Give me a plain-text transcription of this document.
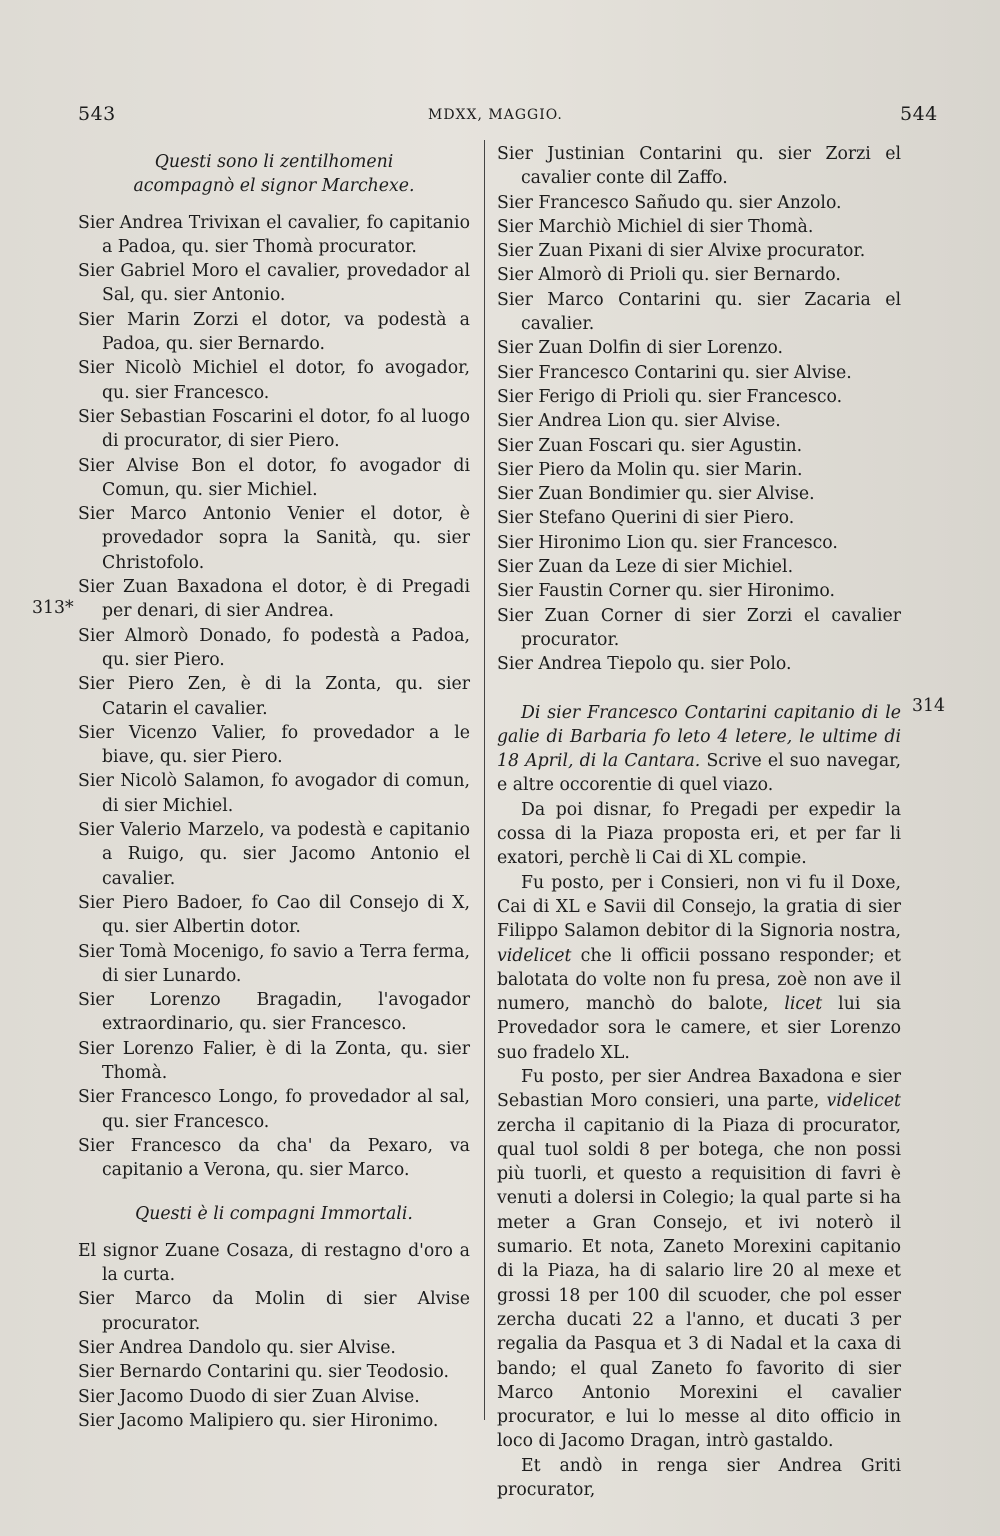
543	MDXX, MAGGIO.	544
313*
314
Questi sono li zentilhomeni acompagnò el signor Marchexe.
Sier Andrea Trivixan el cavalier, fo capitanio a Padoa, qu. sier Thomà procurator.
Sier Gabriel Moro el cavalier, provedador al Sal, qu. sier Antonio.
Sier Marin Zorzi el dotor, va podestà a Padoa, qu. sier Bernardo.
Sier Nicolò Michiel el dotor, fo avogador, qu. sier Francesco.
Sier Sebastian Foscarini el dotor, fo al luogo di procurator, di sier Piero.
Sier Alvise Bon el dotor, fo avogador di Comun, qu. sier Michiel.
Sier Marco Antonio Venier el dotor, è provedador sopra la Sanità, qu. sier Christofolo.
Sier Zuan Baxadona el dotor, è di Pregadi per denari, di sier Andrea.
Sier Almorò Donado, fo podestà a Padoa, qu. sier Piero.
Sier Piero Zen, è di la Zonta, qu. sier Catarin el cavalier.
Sier Vicenzo Valier, fo provedador a le biave, qu. sier Piero.
Sier Nicolò Salamon, fo avogador di comun, di sier Michiel.
Sier Valerio Marzelo, va podestà e capitanio a Ruigo, qu. sier Jacomo Antonio el cavalier.
Sier Piero Badoer, fo Cao dil Consejo di X, qu. sier Albertin dotor.
Sier Tomà Mocenigo, fo savio a Terra ferma, di sier Lunardo.
Sier Lorenzo Bragadin, l'avogador extraordinario, qu. sier Francesco.
Sier Lorenzo Falier, è di la Zonta, qu. sier Thomà.
Sier Francesco Longo, fo provedador al sal, qu. sier Francesco.
Sier Francesco da cha' da Pexaro, va capitanio a Verona, qu. sier Marco.
Questi è li compagni Immortali.
El signor Zuane Cosaza, di restagno d'oro a la curta.
Sier Marco da Molin di sier Alvise procurator.
Sier Andrea Dandolo qu. sier Alvise.
Sier Bernardo Contarini qu. sier Teodosio.
Sier Jacomo Duodo di sier Zuan Alvise.
Sier Jacomo Malipiero qu. sier Hironimo.
Sier Justinian Contarini qu. sier Zorzi el cavalier conte dil Zaffo.
Sier Francesco Sañudo qu. sier Anzolo.
Sier Marchiò Michiel di sier Thomà.
Sier Zuan Pixani di sier Alvixe procurator.
Sier Almorò di Prioli qu. sier Bernardo.
Sier Marco Contarini qu. sier Zacaria el cavalier.
Sier Zuan Dolfin di sier Lorenzo.
Sier Francesco Contarini qu. sier Alvise.
Sier Ferigo di Prioli qu. sier Francesco.
Sier Andrea Lion qu. sier Alvise.
Sier Zuan Foscari qu. sier Agustin.
Sier Piero da Molin qu. sier Marin.
Sier Zuan Bondimier qu. sier Alvise.
Sier Stefano Querini di sier Piero.
Sier Hironimo Lion qu. sier Francesco.
Sier Zuan da Leze di sier Michiel.
Sier Faustin Corner qu. sier Hironimo.
Sier Zuan Corner di sier Zorzi el cavalier procurator.
Sier Andrea Tiepolo qu. sier Polo.

Di sier Francesco Contarini capitanio di le galie di Barbaria fo leto 4 letere, le ultime di 18 April, di la Cantara. Scrive el suo navegar, e altre occorentie di quel viazo.

Da poi disnar, fo Pregadi per expedir la cossa di la Piaza proposta eri, et per far li exatori, perchè li Cai di XL compie.

Fu posto, per i Consieri, non vi fu il Doxe, Cai di XL e Savii dil Consejo, la gratia di sier Filippo Salamon debitor di la Signoria nostra, videlicet che li officii possano responder; et balotata do volte non fu presa, zoè non ave il numero, manchò do balote, licet lui sia Provedador sora le camere, et sier Lorenzo suo fradelo XL.

Fu posto, per sier Andrea Baxadona e sier Sebastian Moro consieri, una parte, videlicet zercha il capitanio di la Piaza di procurator, qual tuol soldi 8 per botega, che non possi più tuorli, et questo a requisition di favri è venuti a dolersi in Colegio; la qual parte si ha meter a Gran Consejo, et ivi noterò il sumario. Et nota, Zaneto Morexini capitanio di la Piaza, ha di salario lire 20 al mexe et grossi 18 per 100 dil scuoder, che pol esser zercha ducati 22 a l'anno, et ducati 3 per regalia da Pasqua et 3 di Nadal et la caxa di bando; el qual Zaneto fo favorito di sier Marco Antonio Morexini el cavalier procurator, e lui lo messe al dito officio in loco di Jacomo Dragan, intrò gastaldo.

Et andò in renga sier Andrea Griti procurator,
